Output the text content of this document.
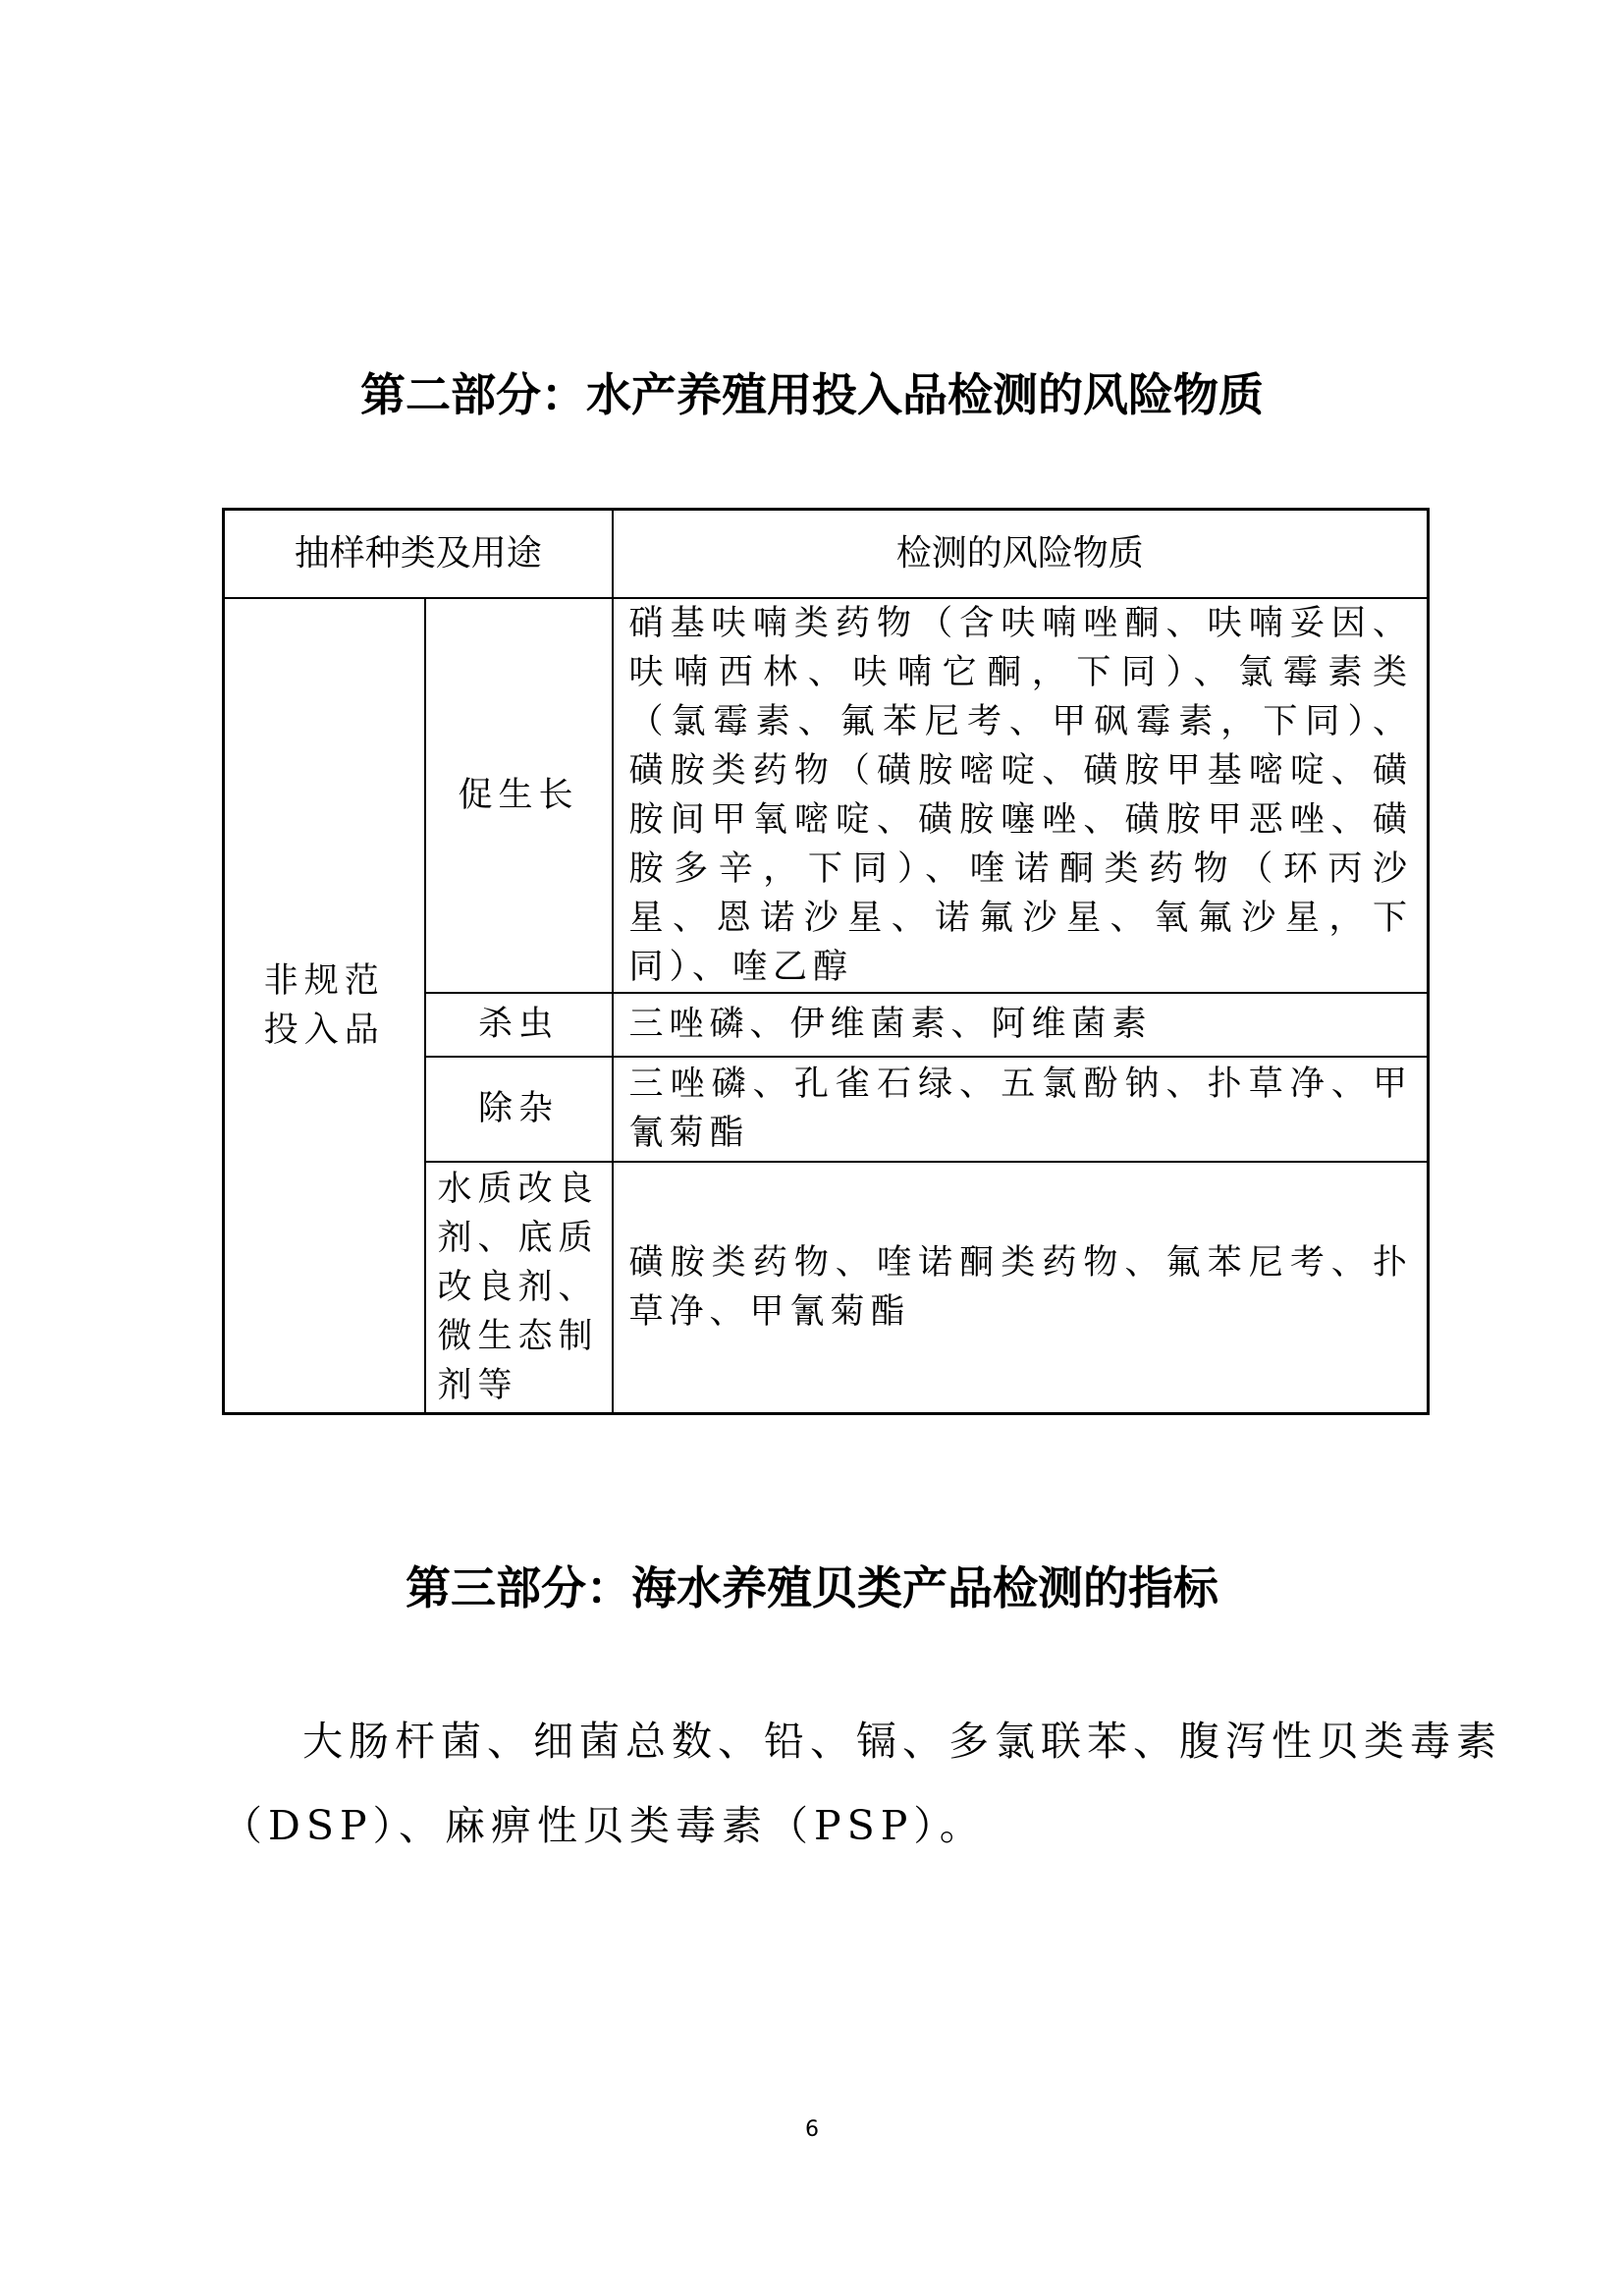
第二部分：水产养殖用投入品检测的风险物质
抽样种类及用途		检测的风险物质
非规范投入品	促生长	硝基呋喃类药物（含呋喃唑酮、呋喃妥因、呋喃西林、呋喃它酮，下同）、氯霉素类（氯霉素、氟苯尼考、甲砜霉素，下同）、磺胺类药物（磺胺嘧啶、磺胺甲基嘧啶、磺胺间甲氧嘧啶、磺胺噻唑、磺胺甲恶唑、磺胺多辛，下同）、喹诺酮类药物（环丙沙星、恩诺沙星、诺氟沙星、氧氟沙星，下同）、喹乙醇
	杀虫	三唑磷、伊维菌素、阿维菌素
	除杂	三唑磷、孔雀石绿、五氯酚钠、扑草净、甲氰菊酯
	水质改良剂、底质改良剂、微生态制剂等	磺胺类药物、喹诺酮类药物、氟苯尼考、扑草净、甲氰菊酯
第三部分：海水养殖贝类产品检测的指标

大肠杆菌、细菌总数、铅、镉、多氯联苯、腹泻性贝类毒素

（DSP）、麻痹性贝类毒素（PSP）。

6
